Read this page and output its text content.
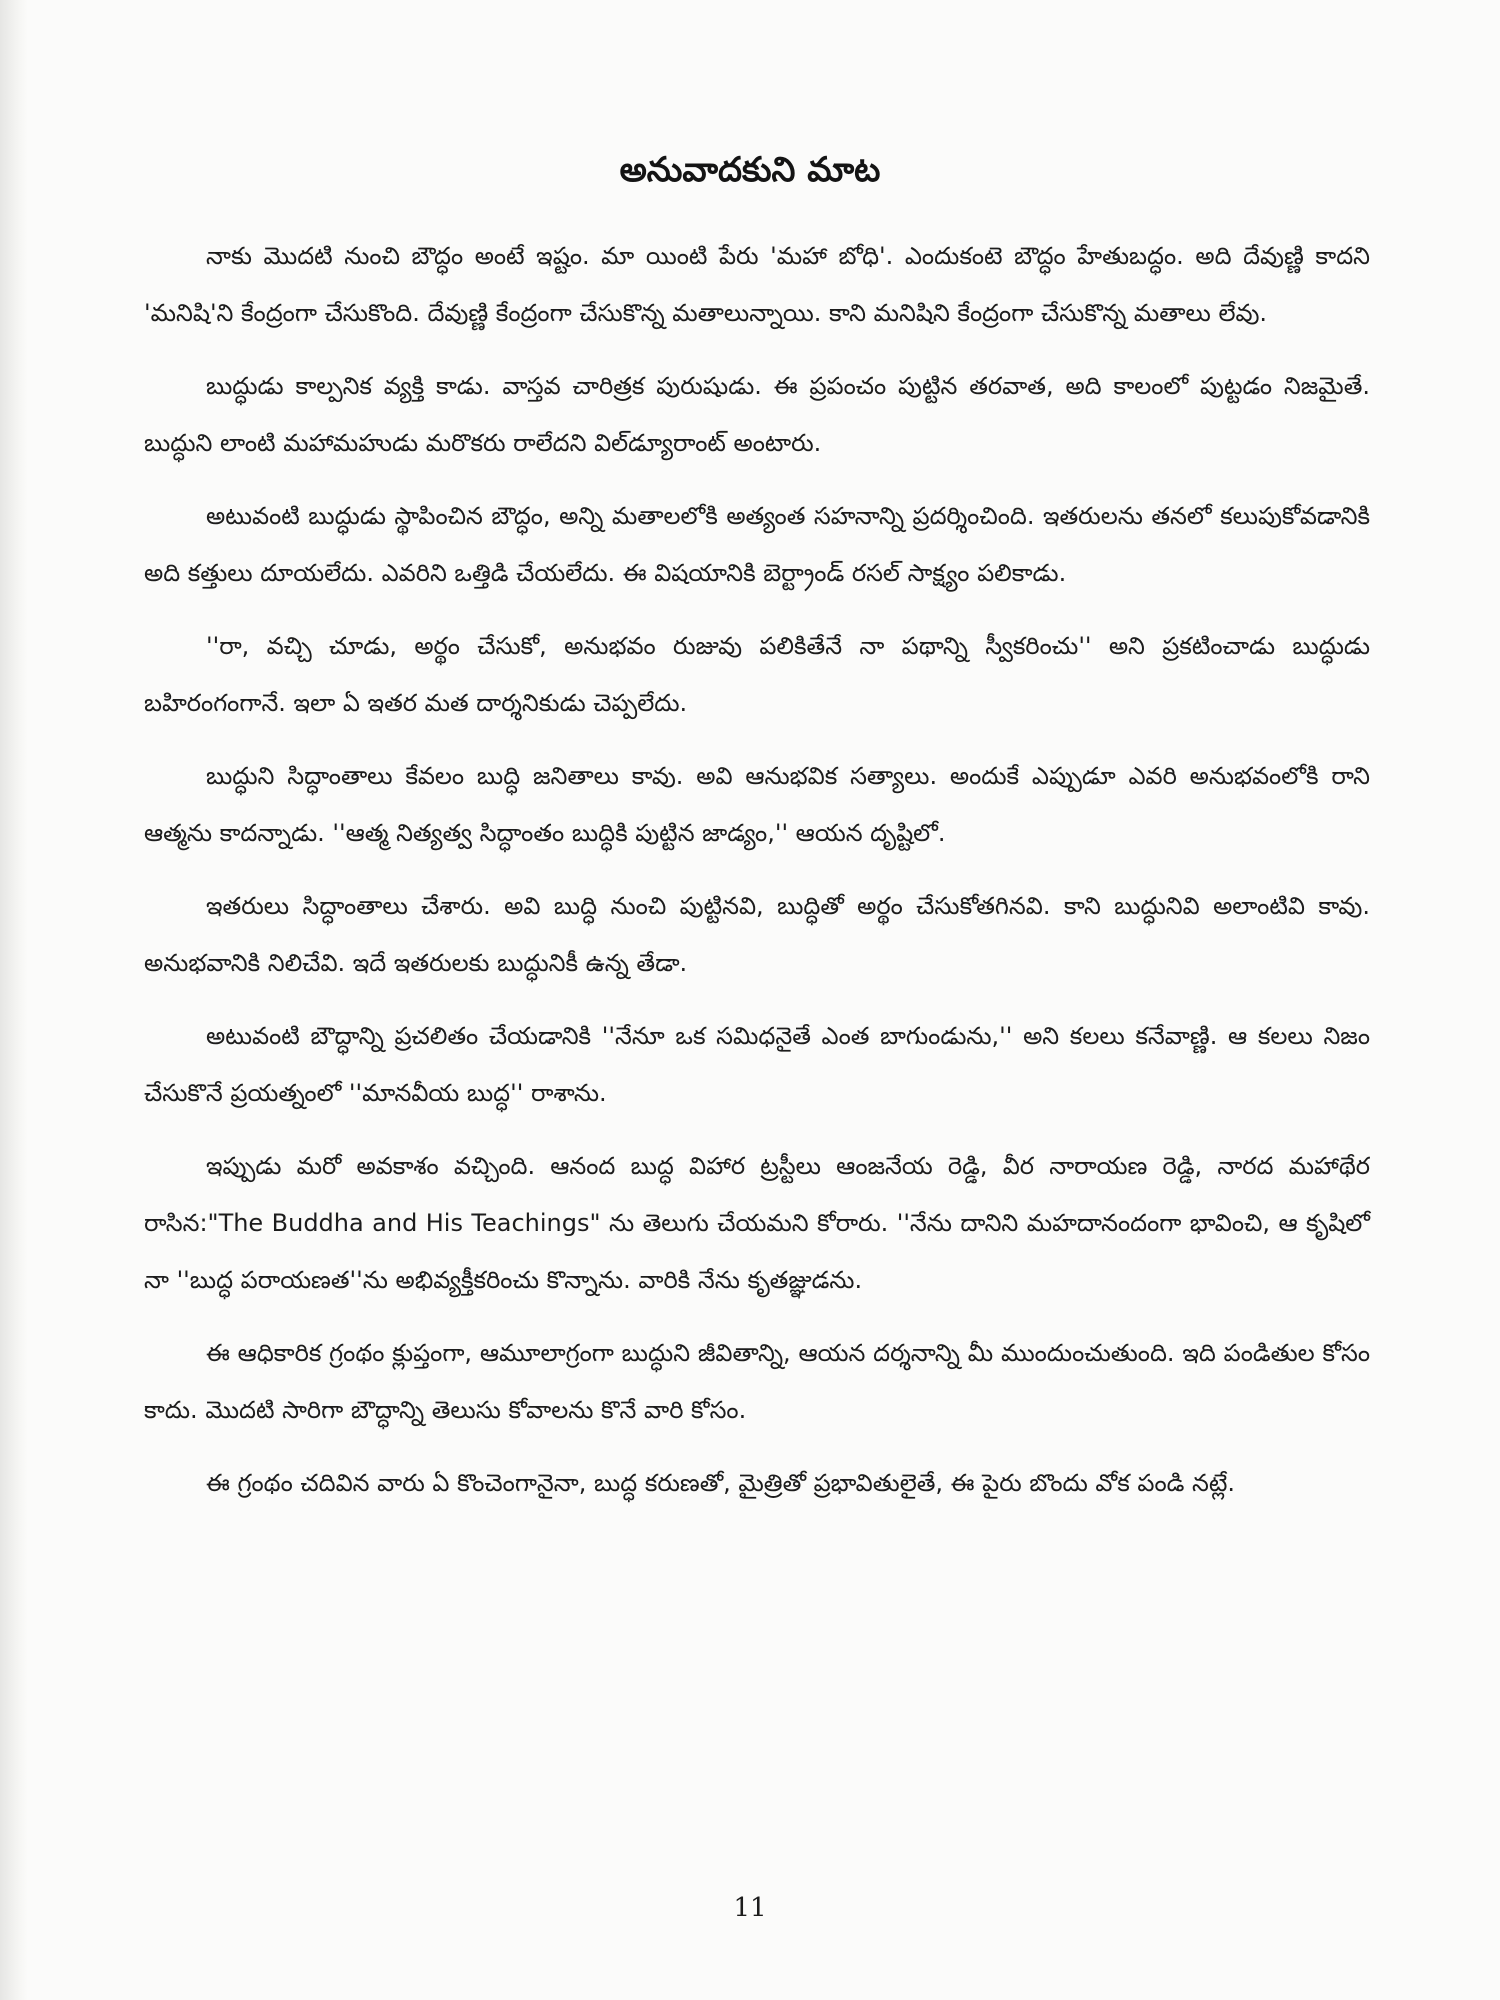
అనువాదకుని మాట

నాకు మొదటి నుంచి బౌద్ధం అంటే ఇష్టం. మా యింటి పేరు 'మహా బోధి'. ఎందుకంటె బౌద్ధం హేతుబద్ధం. అది దేవుణ్ణి కాదని 'మనిషి'ని కేంద్రంగా చేసుకొంది. దేవుణ్ణి కేంద్రంగా చేసుకొన్న మతాలున్నాయి. కాని మనిషిని కేంద్రంగా చేసుకొన్న మతాలు లేవు.

బుద్ధుడు కాల్పనిక వ్యక్తి కాడు. వాస్తవ చారిత్రక పురుషుడు. ఈ ప్రపంచం పుట్టిన తరవాత, అది కాలంలో పుట్టడం నిజమైతే. బుద్ధుని లాంటి మహామహుడు మరొకరు రాలేదని విల్‌డ్యూరాంట్ అంటారు.

అటువంటి బుద్ధుడు స్థాపించిన బౌద్ధం, అన్ని మతాలలోకి అత్యంత సహనాన్ని ప్రదర్శించింది. ఇతరులను తనలో కలుపుకోవడానికి అది కత్తులు దూయలేదు. ఎవరిని ఒత్తిడి చేయలేదు. ఈ విషయానికి బెర్ట్రాండ్ రసల్ సాక్ష్యం పలికాడు.

''రా, వచ్చి చూడు, అర్థం చేసుకో, అనుభవం రుజువు పలికితేనే నా పథాన్ని స్వీకరించు'' అని ప్రకటించాడు బుద్ధుడు బహిరంగంగానే. ఇలా ఏ ఇతర మత దార్శనికుడు చెప్పలేదు.

బుద్ధుని సిద్ధాంతాలు కేవలం బుద్ధి జనితాలు కావు. అవి ఆనుభవిక సత్యాలు. అందుకే ఎప్పుడూ ఎవరి అనుభవంలోకి రాని ఆత్మను కాదన్నాడు. ''ఆత్మ నిత్యత్వ సిద్ధాంతం బుద్ధికి పుట్టిన జాడ్యం,'' ఆయన దృష్టిలో.

ఇతరులు సిద్ధాంతాలు చేశారు. అవి బుద్ధి నుంచి పుట్టినవి, బుద్ధితో అర్థం చేసుకోతగినవి. కాని బుద్ధునివి అలాంటివి కావు. అనుభవానికి నిలిచేవి. ఇదే ఇతరులకు బుద్ధునికీ ఉన్న తేడా.

అటువంటి బౌద్ధాన్ని ప్రచలితం చేయడానికి ''నేనూ ఒక సమిధనైతే ఎంత బాగుండును,'' అని కలలు కనేవాణ్ణి. ఆ కలలు నిజం చేసుకొనే ప్రయత్నంలో ''మానవీయ బుద్ధ'' రాశాను.

ఇప్పుడు మరో అవకాశం వచ్చింది. ఆనంద బుద్ధ విహార ట్రస్టీలు ఆంజనేయ రెడ్డి, వీర నారాయణ రెడ్డి, నారద మహాథేర రాసిన:"The Buddha and His Teachings" ను తెలుగు చేయమని కోరారు. ''నేను దానిని మహదానందంగా భావించి, ఆ కృషిలో నా ''బుద్ధ పరాయణత''ను అభివ్యక్తీకరించు కొన్నాను. వారికి నేను కృతజ్ఞుడను.

ఈ ఆధికారిక గ్రంథం క్లుప్తంగా, ఆమూలాగ్రంగా బుద్ధుని జీవితాన్ని, ఆయన దర్శనాన్ని మీ ముందుంచుతుంది. ఇది పండితుల కోసం కాదు. మొదటి సారిగా బౌద్ధాన్ని తెలుసు కోవాలను కొనే వారి కోసం.

ఈ గ్రంథం చదివిన వారు ఏ కొంచెంగానైనా, బుద్ధ కరుణతో, మైత్రితో ప్రభావితులైతే, ఈ పైరు బొందు వోక పండి నట్లే.

11
